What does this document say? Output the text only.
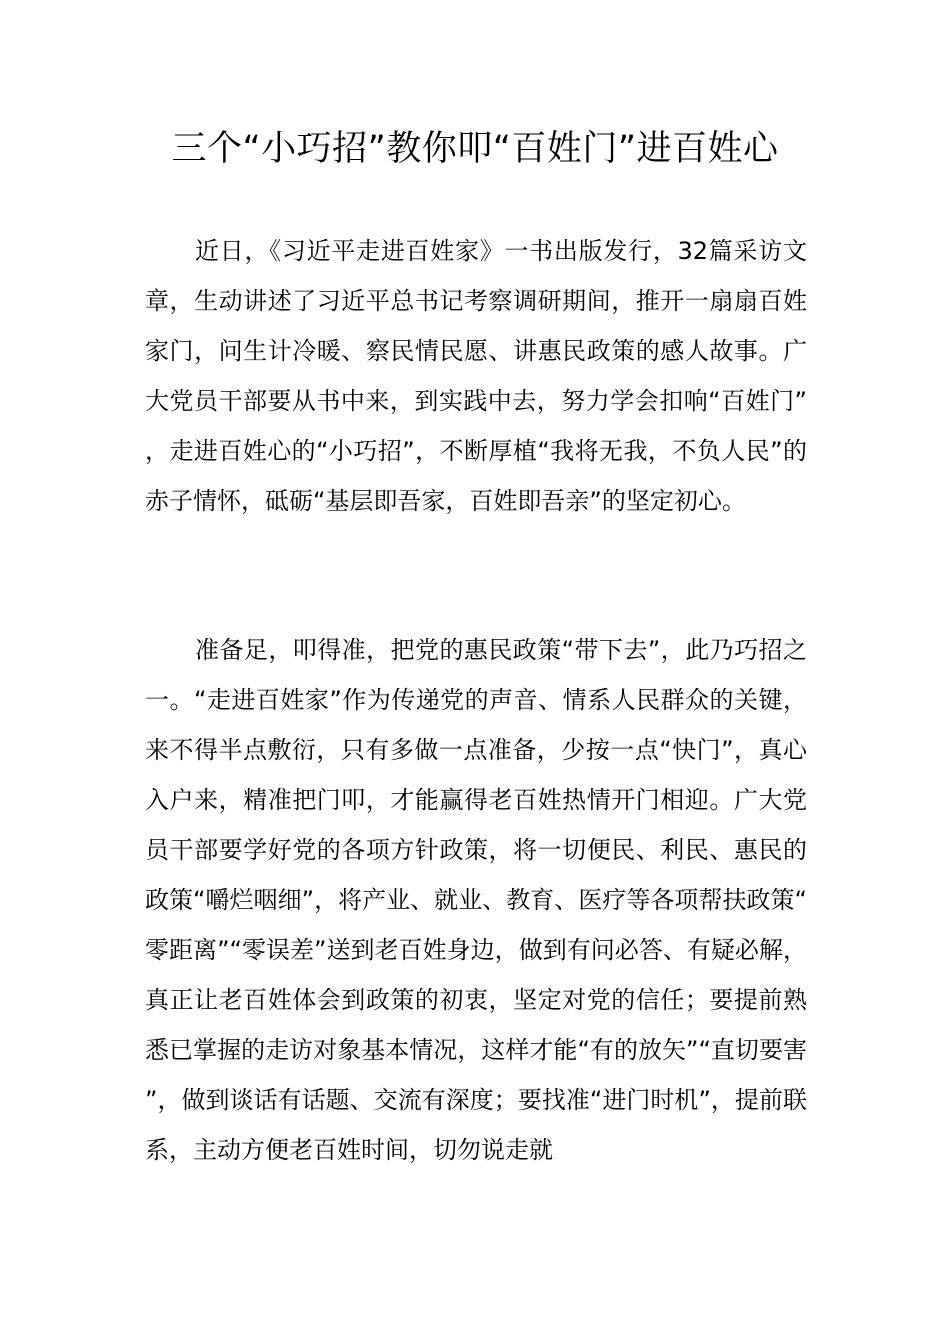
三个“小巧招”教你叩“百姓门”进百姓心

近日，《习近平走进百姓家》一书出版发行，32篇采访文章，生动讲述了习近平总书记考察调研期间，推开一扇扇百姓家门，问生计冷暖、察民情民愿、讲惠民政策的感人故事。广大党员干部要从书中来，到实践中去，努力学会扣响“百姓门”，走进百姓心的“小巧招”，不断厚植“我将无我，不负人民”的赤子情怀，砥砺“基层即吾家，百姓即吾亲”的坚定初心。

准备足，叩得准，把党的惠民政策“带下去”，此乃巧招之一。“走进百姓家”作为传递党的声音、情系人民群众的关键，来不得半点敷衍，只有多做一点准备，少按一点“快门”，真心入户来，精准把门叩，才能赢得老百姓热情开门相迎。广大党员干部要学好党的各项方针政策，将一切便民、利民、惠民的政策“嚼烂咽细”，将产业、就业、教育、医疗等各项帮扶政策“零距离”“零误差”送到老百姓身边，做到有问必答、有疑必解，真正让老百姓体会到政策的初衷，坚定对党的信任；要提前熟悉已掌握的走访对象基本情况，这样才能“有的放矢”“直切要害”，做到谈话有话题、交流有深度；要找准“进门时机”，提前联系，主动方便老百姓时间，切勿说走就
